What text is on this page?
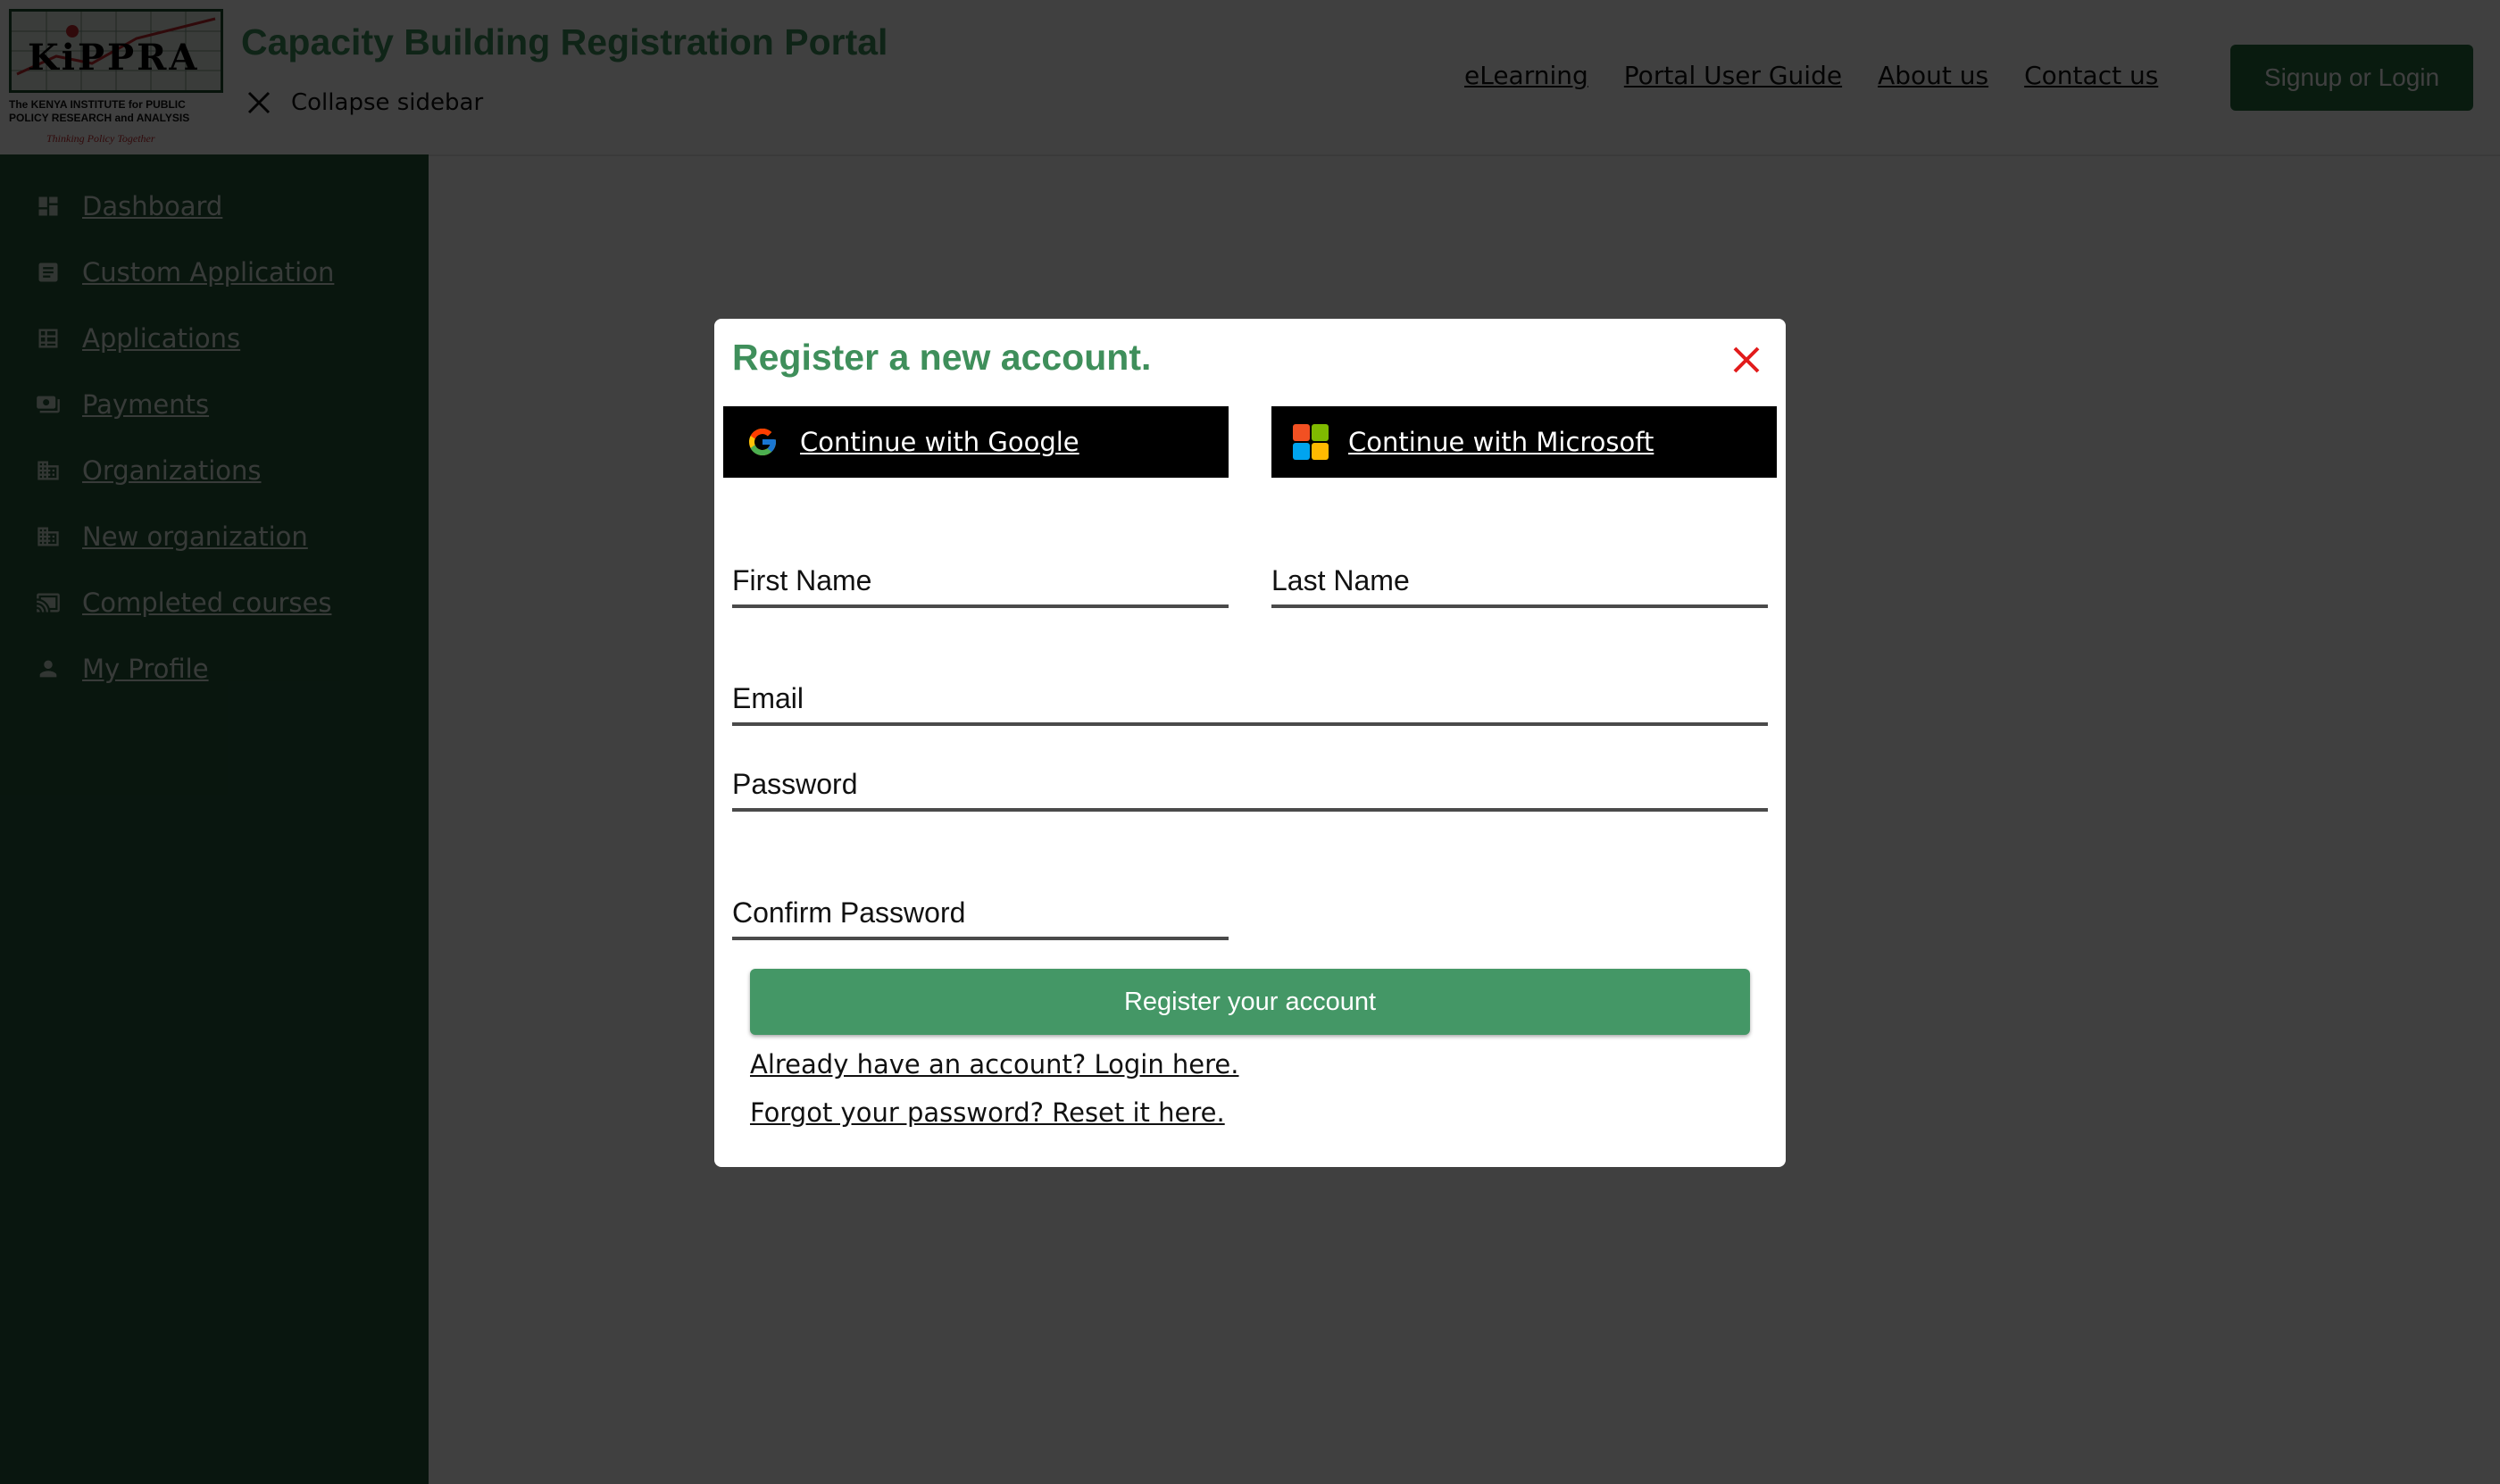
Register a new account.
Continue with Google	Continue with Microsoft
First Name	Last Name
Email
Password
Confirm Password
Register your account
Already have an account? Login here.
Forgot your password? Reset it here.
